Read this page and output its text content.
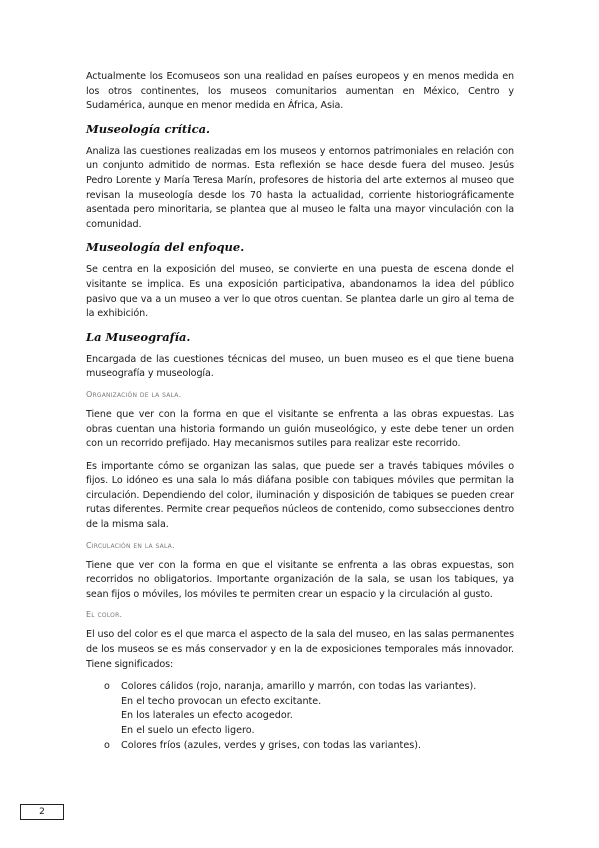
Actualmente los Ecomuseos son una realidad en países europeos y en menos medida en los otros continentes, los museos comunitarios aumentan en México, Centro y Sudamérica, aunque en menor medida en África, Asia.

Museología crítica.

Analiza las cuestiones realizadas em los museos y entornos patrimoniales en relación con un conjunto admitido de normas. Esta reflexión se hace desde fuera del museo. Jesús Pedro Lorente y María Teresa Marín, profesores de historia del arte externos al museo que revisan la museología desde los 70 hasta la actualidad, corriente historiográficamente asentada pero minoritaria, se plantea que al museo le falta una mayor vinculación con la comunidad.

Museología del enfoque.

Se centra en la exposición del museo, se convierte en una puesta de escena donde el visitante se implica. Es una exposición participativa, abandonamos la idea del público pasivo que va a un museo a ver lo que otros cuentan. Se plantea darle un giro al tema de la exhibición.

La Museografía.

Encargada de las cuestiones técnicas del museo, un buen museo es el que tiene buena museografía y museología.

Organización de la sala.

Tiene que ver con la forma en que el visitante se enfrenta a las obras expuestas. Las obras cuentan una historia formando un guión museológico, y este debe tener un orden con un recorrido prefijado. Hay mecanismos sutiles para realizar este recorrido.

Es importante cómo se organizan las salas, que puede ser a través tabiques móviles o fijos. Lo idóneo es una sala lo más diáfana posible con tabiques móviles que permitan la circulación. Dependiendo del color, iluminación y disposición de tabiques se pueden crear rutas diferentes. Permite crear pequeños núcleos de contenido, como subsecciones dentro de la misma sala.

Circulación en la sala.

Tiene que ver con la forma en que el visitante se enfrenta a las obras expuestas, son recorridos no obligatorios. Importante organización de la sala, se usan los tabiques, ya sean fijos o móviles, los móviles te permiten crear un espacio y la circulación al gusto.

El color.

El uso del color es el que marca el aspecto de la sala del museo, en las salas permanentes de los museos se es más conservador y en la de exposiciones temporales más innovador. Tiene significados:

o Colores cálidos (rojo, naranja, amarillo y marrón, con todas las variantes).
En el techo provocan un efecto excitante.
En los laterales un efecto acogedor.
En el suelo un efecto ligero.
o Colores fríos (azules, verdes y grises, con todas las variantes).
2
